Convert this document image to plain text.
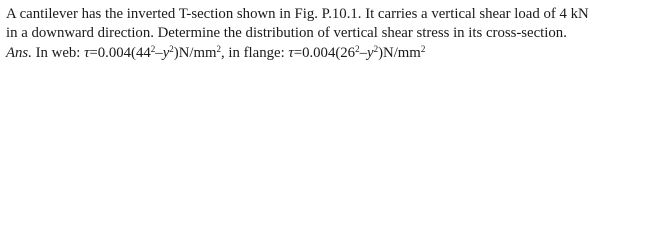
A cantilever has the inverted T-section shown in Fig. P.10.1. It carries a vertical shear load of 4 kN
in a downward direction. Determine the distribution of vertical shear stress in its cross-section.
Ans. In web: $\tau=0.004(44^2-y^2)N/mm^2$, in flange: $\tau=0.004(26^2-y^2)N/mm^2$
